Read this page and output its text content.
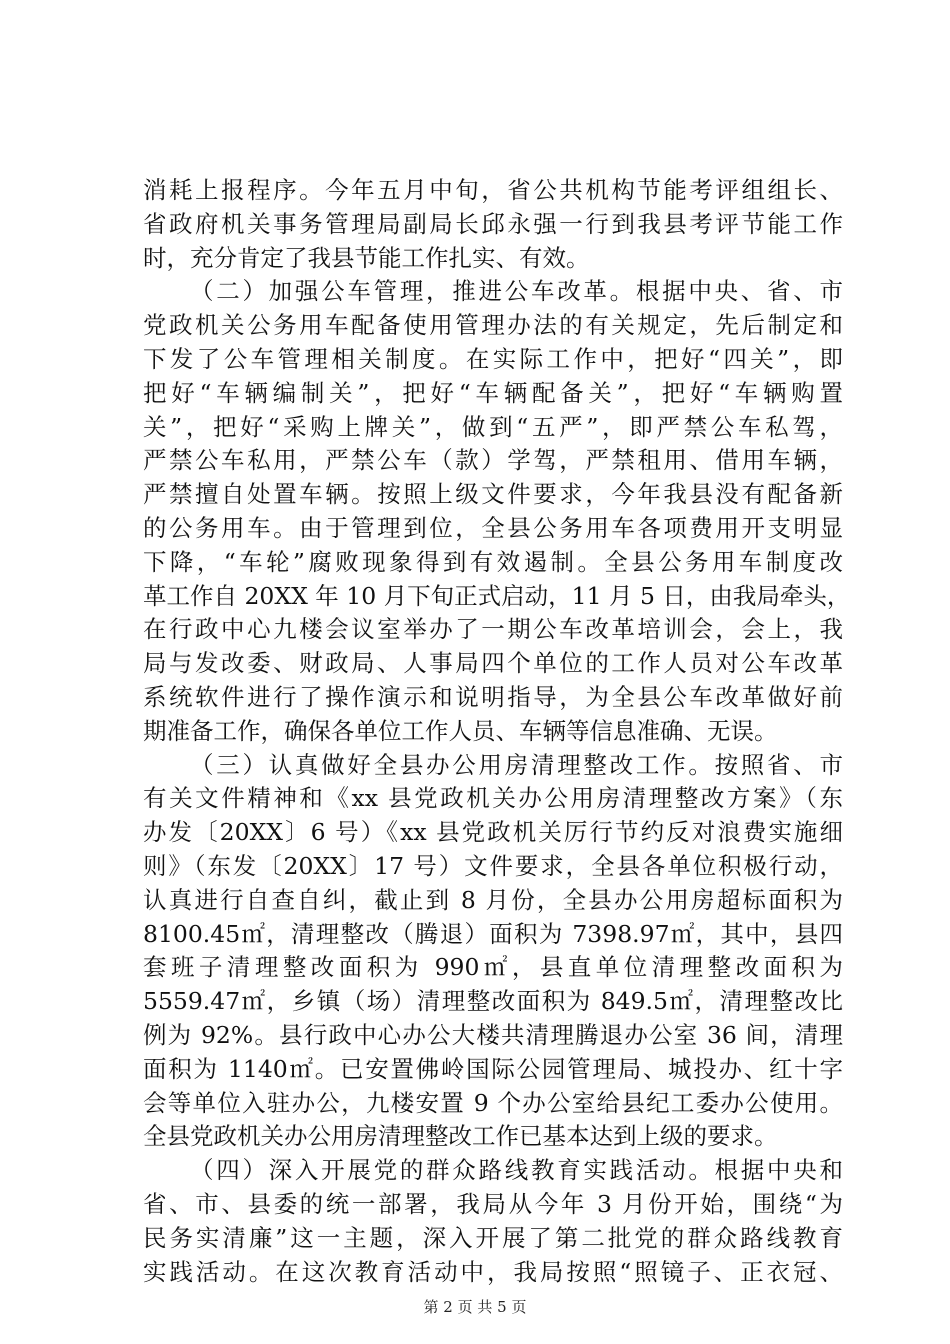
消耗上报程序。今年五月中旬，省公共机构节能考评组组长、
省政府机关事务管理局副局长邱永强一行到我县考评节能工作
时，充分肯定了我县节能工作扎实、有效。
（二）加强公车管理，推进公车改革。根据中央、省、市
党政机关公务用车配备使用管理办法的有关规定，先后制定和
下发了公车管理相关制度。在实际工作中，把好“四关”，即
把好“车辆编制关”，把好“车辆配备关”，把好“车辆购置
关”，把好“采购上牌关”，做到“五严”，即严禁公车私驾，
严禁公车私用，严禁公车（款）学驾，严禁租用、借用车辆，
严禁擅自处置车辆。按照上级文件要求，今年我县没有配备新
的公务用车。由于管理到位，全县公务用车各项费用开支明显
下降，“车轮”腐败现象得到有效遏制。全县公务用车制度改
革工作自 20XX 年 10 月下旬正式启动，11 月 5 日，由我局牵头，
在行政中心九楼会议室举办了一期公车改革培训会，会上，我
局与发改委、财政局、人事局四个单位的工作人员对公车改革
系统软件进行了操作演示和说明指导，为全县公车改革做好前
期准备工作，确保各单位工作人员、车辆等信息准确、无误。
（三）认真做好全县办公用房清理整改工作。按照省、市
有关文件精神和《xx 县党政机关办公用房清理整改方案》（东
办发〔20XX〕6 号）《xx 县党政机关厉行节约反对浪费实施细
则》（东发〔20XX〕17 号）文件要求，全县各单位积极行动，
认真进行自查自纠，截止到 8 月份，全县办公用房超标面积为
8100.45㎡，清理整改（腾退）面积为 7398.97㎡，其中，县四
套班子清理整改面积为 990㎡，县直单位清理整改面积为
5559.47㎡，乡镇（场）清理整改面积为 849.5㎡，清理整改比
例为 92%。县行政中心办公大楼共清理腾退办公室 36 间，清理
面积为 1140㎡。已安置佛岭国际公园管理局、城投办、红十字
会等单位入驻办公，九楼安置 9 个办公室给县纪工委办公使用。
全县党政机关办公用房清理整改工作已基本达到上级的要求。
（四）深入开展党的群众路线教育实践活动。根据中央和
省、市、县委的统一部署，我局从今年 3 月份开始，围绕“为
民务实清廉”这一主题，深入开展了第二批党的群众路线教育
实践活动。在这次教育活动中，我局按照“照镜子、正衣冠、
第 2 页 共 5 页
